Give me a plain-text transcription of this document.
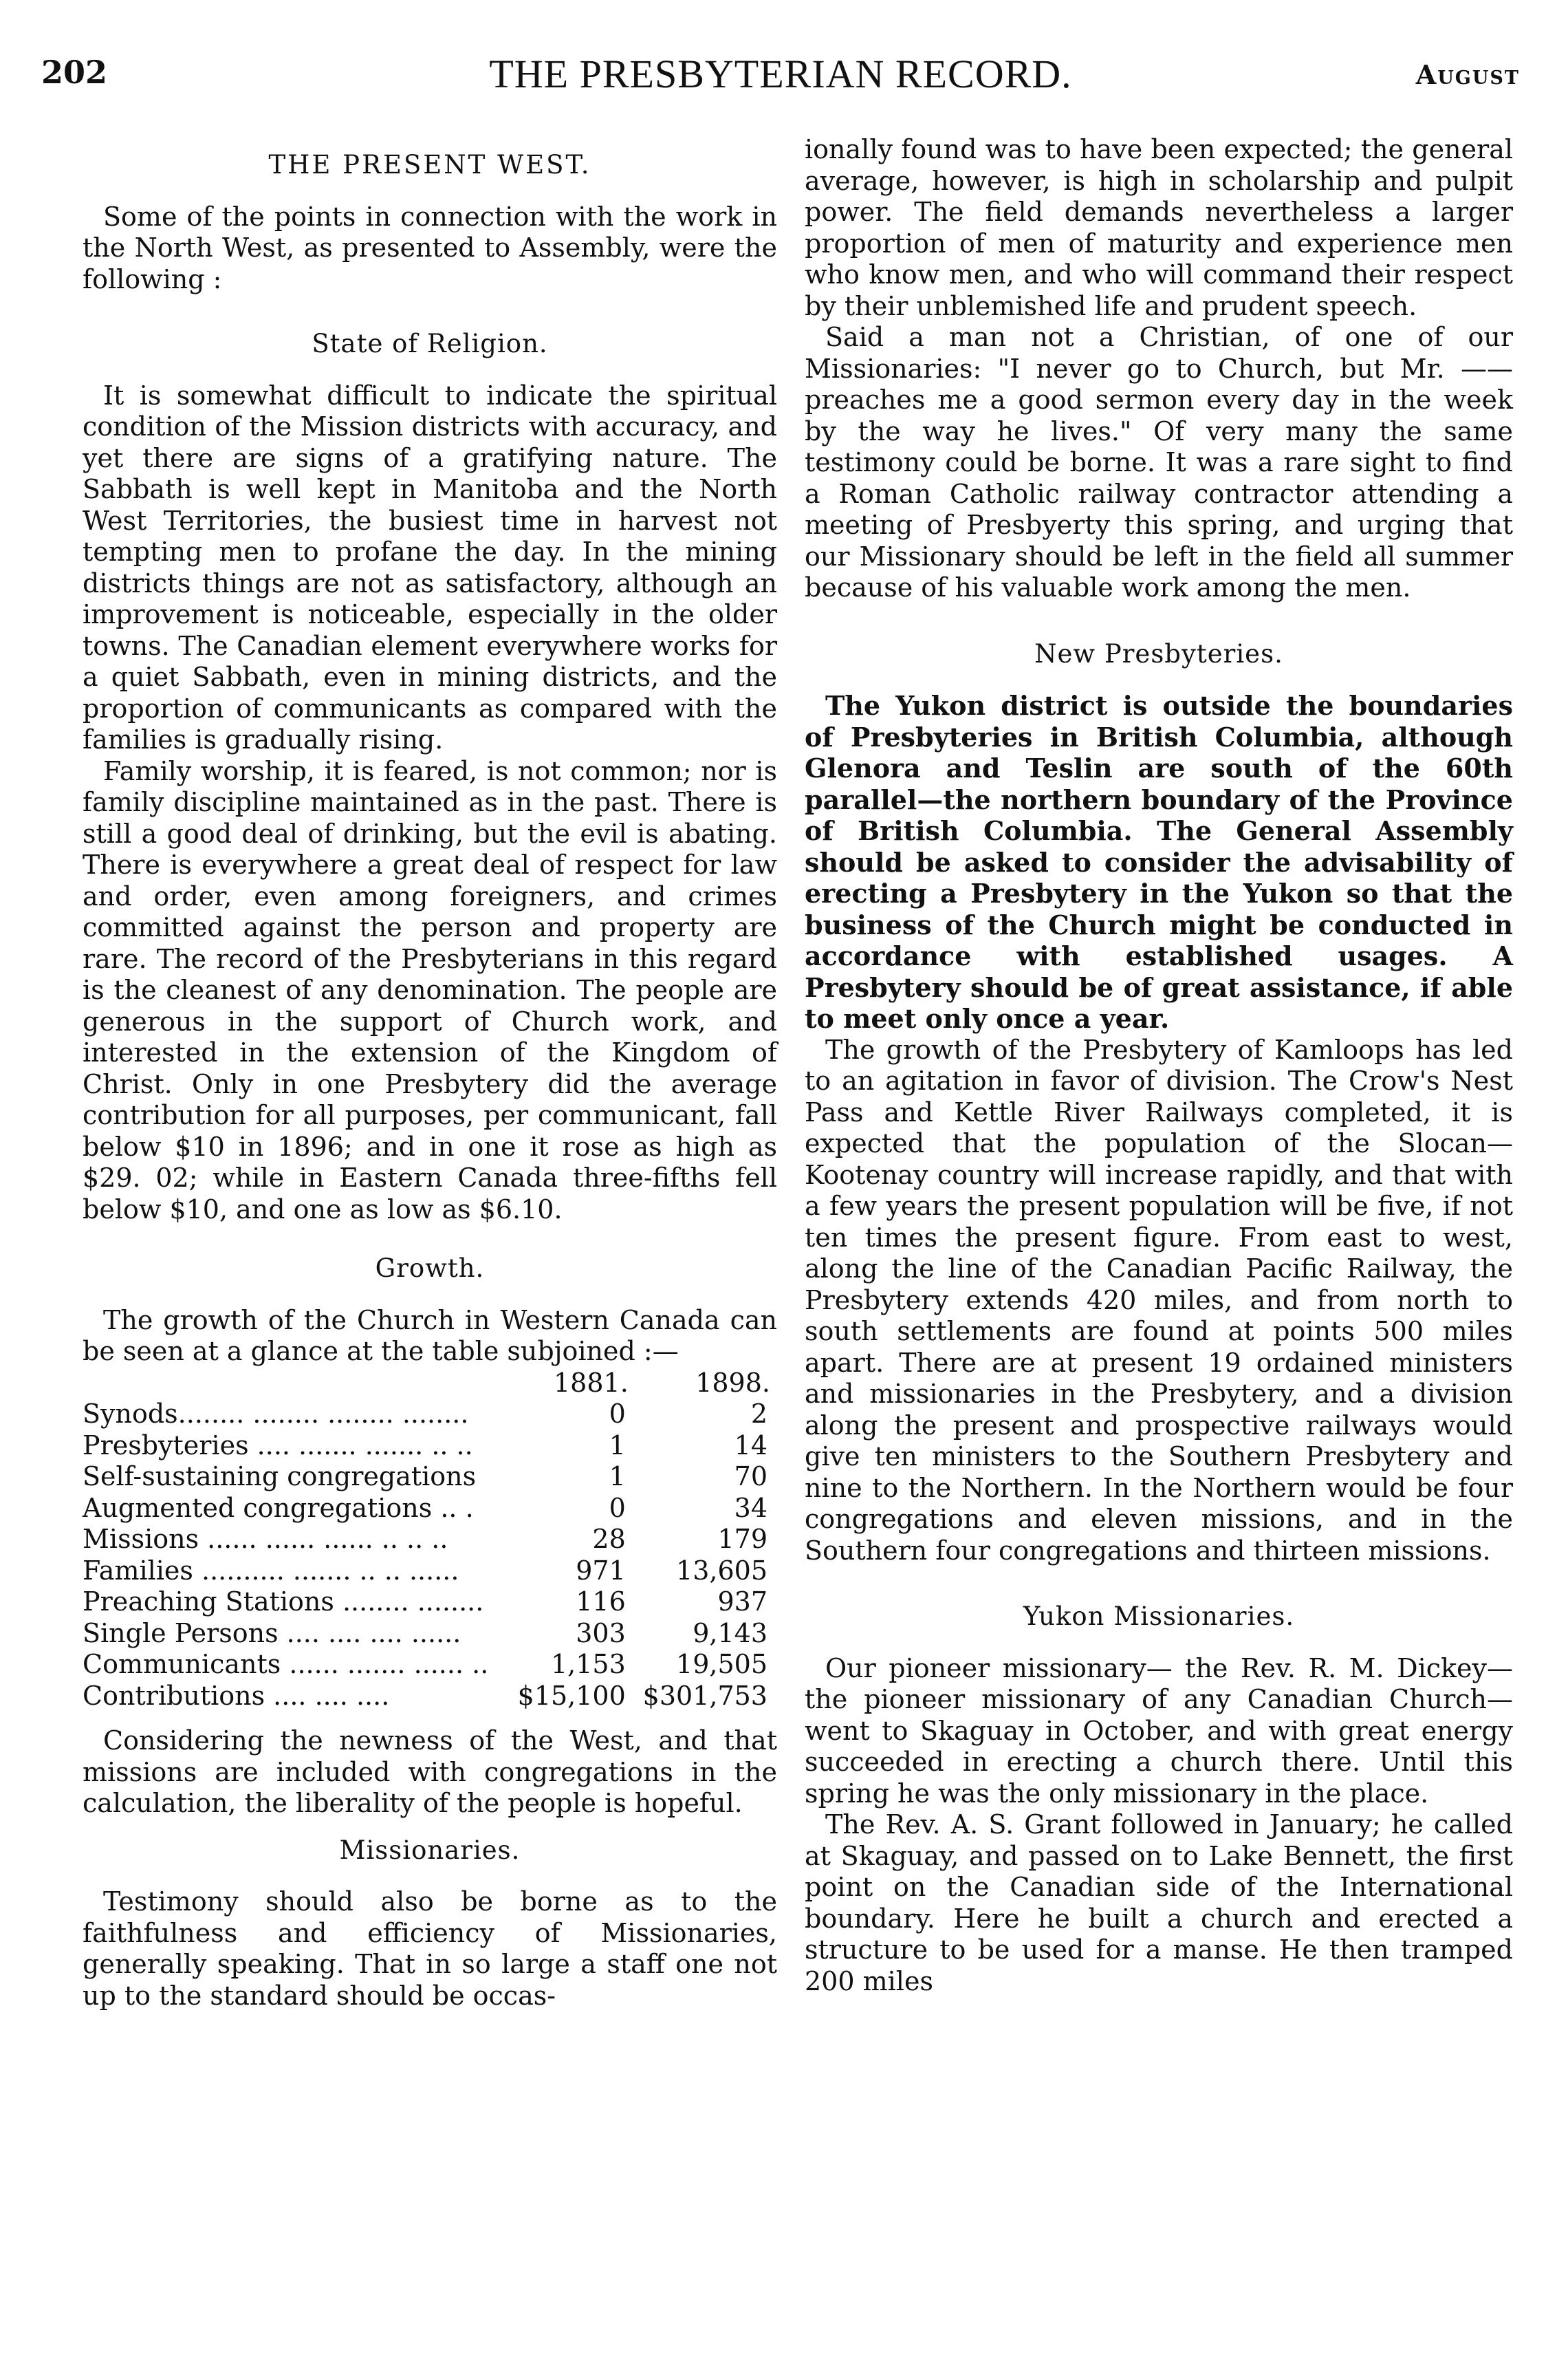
202	THE PRESBYTERIAN RECORD.	August
THE PRESENT WEST.

Some of the points in connection with the work in the North West, as presented to Assembly, were the following :

State of Religion.

It is somewhat difficult to indicate the spiritual condition of the Mission districts with accuracy, and yet there are signs of a gratifying nature. The Sabbath is well kept in Manitoba and the North West Territories, the busiest time in harvest not tempting men to profane the day. In the mining districts things are not as satisfactory, although an improvement is noticeable, especially in the older towns. The Canadian element everywhere works for a quiet Sabbath, even in mining districts, and the proportion of communicants as compared with the families is gradually rising.

Family worship, it is feared, is not common; nor is family discipline maintained as in the past. There is still a good deal of drinking, but the evil is abating. There is everywhere a great deal of respect for law and order, even among foreigners, and crimes committed against the person and property are rare. The record of the Presbyterians in this regard is the cleanest of any denomination. The people are generous in the support of Church work, and interested in the extension of the Kingdom of Christ. Only in one Presbytery did the average contribution for all purposes, per communicant, fall below $10 in 1896; and in one it rose as high as $29. 02; while in Eastern Canada three-fifths fell below $10, and one as low as $6.10.

Growth.

The growth of the Church in Western Canada can be seen at a glance at the table subjoined :—

	1881.	1898.
Synods........ ........ ........ ........	0	2
Presbyteries .... ....... ....... .. ..	1	14
Self-sustaining congregations	1	70
Augmented congregations .. .	0	34
Missions ...... ...... ...... .. .. ..	28	179
Families .......... ....... .. .. ......	971	13,605
Preaching Stations ........ ........	116	937
Single Persons .... .... .... ......	303	9,143
Communicants ...... ....... ...... ..	1,153	19,505
Contributions .... .... ....	$15,100	$301,753

Considering the newness of the West, and that missions are included with congregations in the calculation, the liberality of the people is hopeful.

Missionaries.

Testimony should also be borne as to the faithfulness and efficiency of Missionaries, generally speaking. That in so large a staff one not up to the standard should be occas-

ionally found was to have been expected; the general average, however, is high in scholarship and pulpit power. The field demands nevertheless a larger proportion of men of maturity and experience men who know men, and who will command their respect by their unblemished life and prudent speech.

Said a man not a Christian, of one of our Missionaries: "I never go to Church, but Mr. —— preaches me a good sermon every day in the week by the way he lives." Of very many the same testimony could be borne. It was a rare sight to find a Roman Catholic railway contractor attending a meeting of Presbyerty this spring, and urging that our Missionary should be left in the field all summer because of his valuable work among the men.

New Presbyteries.

The Yukon district is outside the boundaries of Presbyteries in British Columbia, although Glenora and Teslin are south of the 60th parallel—the northern boundary of the Province of British Columbia. The General Assembly should be asked to consider the advisability of erecting a Presbytery in the Yukon so that the business of the Church might be conducted in accordance with established usages. A Presbytery should be of great assistance, if able to meet only once a year.

The growth of the Presbytery of Kamloops has led to an agitation in favor of division. The Crow's Nest Pass and Kettle River Railways completed, it is expected that the population of the Slocan—Kootenay country will increase rapidly, and that with a few years the present population will be five, if not ten times the present figure. From east to west, along the line of the Canadian Pacific Railway, the Presbytery extends 420 miles, and from north to south settlements are found at points 500 miles apart. There are at present 19 ordained ministers and missionaries in the Presbytery, and a division along the present and prospective railways would give ten ministers to the Southern Presbytery and nine to the Northern. In the Northern would be four congregations and eleven missions, and in the Southern four congregations and thirteen missions.

Yukon Missionaries.

Our pioneer missionary— the Rev. R. M. Dickey—the pioneer missionary of any Canadian Church—went to Skaguay in October, and with great energy succeeded in erecting a church there. Until this spring he was the only missionary in the place.

The Rev. A. S. Grant followed in January; he called at Skaguay, and passed on to Lake Bennett, the first point on the Canadian side of the International boundary. Here he built a church and erected a structure to be used for a manse. He then tramped 200 miles
